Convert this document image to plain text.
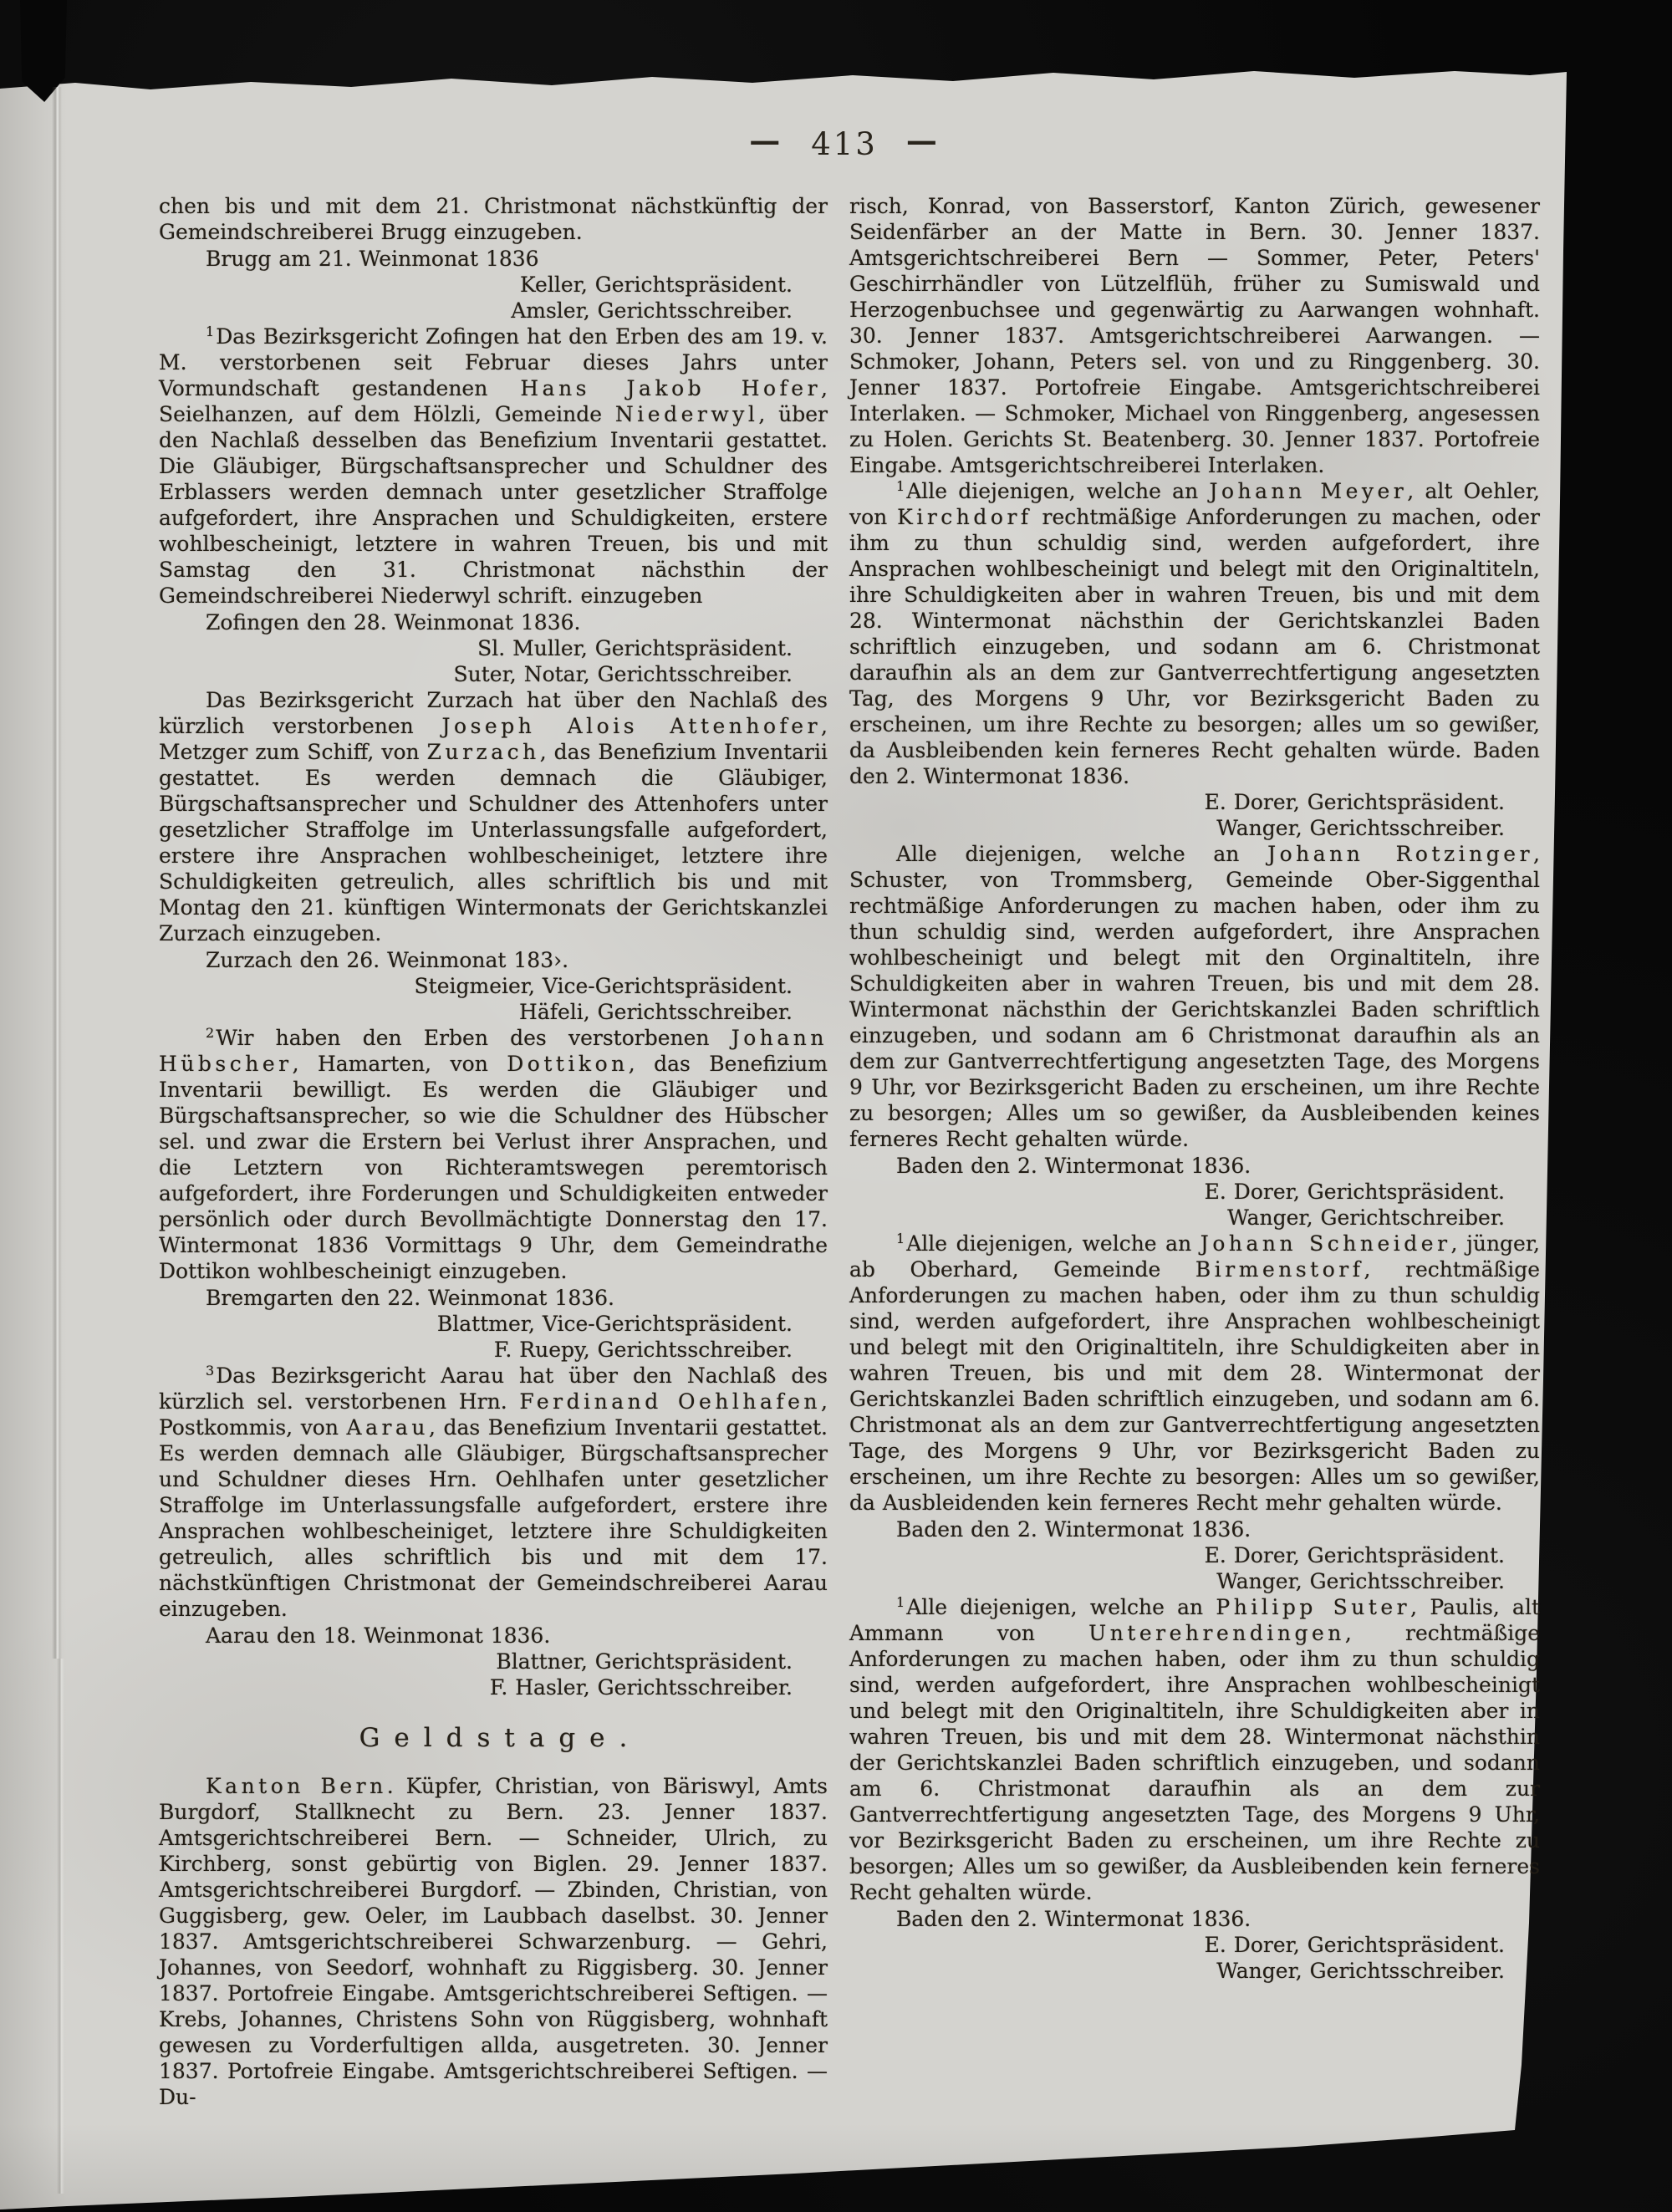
— 413 —

chen bis und mit dem 21. Christmonat nächstkünftig der Gemeindschreiberei Brugg einzugeben.

Brugg am 21. Weinmonat 1836

Keller, Gerichtspräsident.

Amsler, Gerichtsschreiber.

$^1$Das Bezirksgericht Zofingen hat den Erben des am 19. v. M. verstorbenen seit Februar dieses Jahrs unter Vormundschaft gestandenen Hans Jakob Hofer, Seielhanzen, auf dem Hölzli, Gemeinde Niederwyl, über den Nachlaß desselben das Benefizium Inventarii gestattet. Die Gläubiger, Bürgschaftsansprecher und Schuldner des Erblassers werden demnach unter gesetzlicher Straffolge aufgefordert, ihre Ansprachen und Schuldigkeiten, erstere wohlbescheinigt, letztere in wahren Treuen, bis und mit Samstag den 31. Christmonat nächsthin der Gemeindschreiberei Niederwyl schrift. einzugeben

Zofingen den 28. Weinmonat 1836.

Sl. Muller, Gerichtspräsident.

Suter, Notar, Gerichtsschreiber.

Das Bezirksgericht Zurzach hat über den Nachlaß des kürzlich verstorbenen Joseph Alois Attenhofer, Metzger zum Schiff, von Zurzach, das Benefizium Inventarii gestattet. Es werden demnach die Gläubiger, Bürgschaftsansprecher und Schuldner des Attenhofers unter gesetzlicher Straffolge im Unterlassungsfalle aufgefordert, erstere ihre Ansprachen wohlbescheiniget, letztere ihre Schuldigkeiten getreulich, alles schriftlich bis und mit Montag den 21. künftigen Wintermonats der Gerichtskanzlei Zurzach einzugeben.

Zurzach den 26. Weinmonat 183›.

Steigmeier, Vice-Gerichtspräsident.

Häfeli, Gerichtsschreiber.

$^2$Wir haben den Erben des verstorbenen Johann Hübscher, Hamarten, von Dottikon, das Benefizium Inventarii bewilligt. Es werden die Gläubiger und Bürgschaftsansprecher, so wie die Schuldner des Hübscher sel. und zwar die Erstern bei Verlust ihrer Ansprachen, und die Letztern von Richteramtswegen peremtorisch aufgefordert, ihre Forderungen und Schuldigkeiten entweder persönlich oder durch Bevollmächtigte Donnerstag den 17. Wintermonat 1836 Vormittags 9 Uhr, dem Gemeindrathe Dottikon wohlbescheinigt einzugeben.

Bremgarten den 22. Weinmonat 1836.

Blattmer, Vice-Gerichtspräsident.

F. Ruepy, Gerichtsschreiber.

$^3$Das Bezirksgericht Aarau hat über den Nachlaß des kürzlich sel. verstorbenen Hrn. Ferdinand Oehlhafen, Postkommis, von Aarau, das Benefizium Inventarii gestattet. Es werden demnach alle Gläubiger, Bürgschaftsansprecher und Schuldner dieses Hrn. Oehlhafen unter gesetzlicher Straffolge im Unterlassungsfalle aufgefordert, erstere ihre Ansprachen wohlbescheiniget, letztere ihre Schuldigkeiten getreulich, alles schriftlich bis und mit dem 17. nächstkünftigen Christmonat der Gemeindschreiberei Aarau einzugeben.

Aarau den 18. Weinmonat 1836.

Blattner, Gerichtspräsident.

F. Hasler, Gerichtsschreiber.

Geldstage.

Kanton Bern. Küpfer, Christian, von Bäriswyl, Amts Burgdorf, Stallknecht zu Bern. 23. Jenner 1837. Amtsgerichtschreiberei Bern. — Schneider, Ulrich, zu Kirchberg, sonst gebürtig von Biglen. 29. Jenner 1837. Amtsgerichtschreiberei Burgdorf. — Zbinden, Christian, von Guggisberg, gew. Oeler, im Laubbach daselbst. 30. Jenner 1837. Amtsgerichtschreiberei Schwarzenburg. — Gehri, Johannes, von Seedorf, wohnhaft zu Riggisberg. 30. Jenner 1837. Portofreie Eingabe. Amtsgerichtschreiberei Seftigen. — Krebs, Johannes, Christens Sohn von Rüggisberg, wohnhaft gewesen zu Vorderfultigen allda, ausgetreten. 30. Jenner 1837. Portofreie Eingabe. Amtsgerichtschreiberei Seftigen. — Du-

risch, Konrad, von Basserstorf, Kanton Zürich, gewesener Seidenfärber an der Matte in Bern. 30. Jenner 1837. Amtsgerichtschreiberei Bern — Sommer, Peter, Peters' Geschirrhändler von Lützelflüh, früher zu Sumiswald und Herzogenbuchsee und gegenwärtig zu Aarwangen wohnhaft. 30. Jenner 1837. Amtsgerichtschreiberei Aarwangen. — Schmoker, Johann, Peters sel. von und zu Ringgenberg. 30. Jenner 1837. Portofreie Eingabe. Amtsgerichtschreiberei Interlaken. — Schmoker, Michael von Ringgenberg, angesessen zu Holen. Gerichts St. Beatenberg. 30. Jenner 1837. Portofreie Eingabe. Amtsgerichtschreiberei Interlaken.

$^1$Alle diejenigen, welche an Johann Meyer, alt Oehler, von Kirchdorf rechtmäßige Anforderungen zu machen, oder ihm zu thun schuldig sind, werden aufgefordert, ihre Ansprachen wohlbescheinigt und belegt mit den Originaltiteln, ihre Schuldigkeiten aber in wahren Treuen, bis und mit dem 28. Wintermonat nächsthin der Gerichtskanzlei Baden schriftlich einzugeben, und sodann am 6. Christmonat daraufhin als an dem zur Gantverrechtfertigung angesetzten Tag, des Morgens 9 Uhr, vor Bezirksgericht Baden zu erscheinen, um ihre Rechte zu besorgen; alles um so gewißer, da Ausbleibenden kein ferneres Recht gehalten würde. Baden den 2. Wintermonat 1836.

E. Dorer, Gerichtspräsident.

Wanger, Gerichtsschreiber.

Alle diejenigen, welche an Johann Rotzinger, Schuster, von Trommsberg, Gemeinde Ober-Siggenthal rechtmäßige Anforderungen zu machen haben, oder ihm zu thun schuldig sind, werden aufgefordert, ihre Ansprachen wohlbescheinigt und belegt mit den Orginaltiteln, ihre Schuldigkeiten aber in wahren Treuen, bis und mit dem 28. Wintermonat nächsthin der Gerichtskanzlei Baden schriftlich einzugeben, und sodann am 6 Christmonat daraufhin als an dem zur Gantverrechtfertigung angesetzten Tage, des Morgens 9 Uhr, vor Bezirksgericht Baden zu erscheinen, um ihre Rechte zu besorgen; Alles um so gewißer, da Ausbleibenden keines ferneres Recht gehalten würde.

Baden den 2. Wintermonat 1836.

E. Dorer, Gerichtspräsident.

Wanger, Gerichtschreiber.

$^1$Alle diejenigen, welche an Johann Schneider, jünger, ab Oberhard, Gemeinde Birmenstorf, rechtmäßige Anforderungen zu machen haben, oder ihm zu thun schuldig sind, werden aufgefordert, ihre Ansprachen wohlbescheinigt und belegt mit den Originaltiteln, ihre Schuldigkeiten aber in wahren Treuen, bis und mit dem 28. Wintermonat der Gerichtskanzlei Baden schriftlich einzugeben, und sodann am 6. Christmonat als an dem zur Gantverrechtfertigung angesetzten Tage, des Morgens 9 Uhr, vor Bezirksgericht Baden zu erscheinen, um ihre Rechte zu besorgen: Alles um so gewißer, da Ausbleidenden kein ferneres Recht mehr gehalten würde.

Baden den 2. Wintermonat 1836.

E. Dorer, Gerichtspräsident.

Wanger, Gerichtsschreiber.

$^1$Alle diejenigen, welche an Philipp Suter, Paulis, alt Ammann von Unterehrendingen, rechtmäßige Anforderungen zu machen haben, oder ihm zu thun schuldig sind, werden aufgefordert, ihre Ansprachen wohlbescheinigt und belegt mit den Originaltiteln, ihre Schuldigkeiten aber in wahren Treuen, bis und mit dem 28. Wintermonat nächsthin der Gerichtskanzlei Baden schriftlich einzugeben, und sodann am 6. Christmonat daraufhin als an dem zur Gantverrechtfertigung angesetzten Tage, des Morgens 9 Uhr, vor Bezirksgericht Baden zu erscheinen, um ihre Rechte zu besorgen; Alles um so gewißer, da Ausbleibenden kein ferneres Recht gehalten würde.

Baden den 2. Wintermonat 1836.

E. Dorer, Gerichtspräsident.

Wanger, Gerichtsschreiber.
